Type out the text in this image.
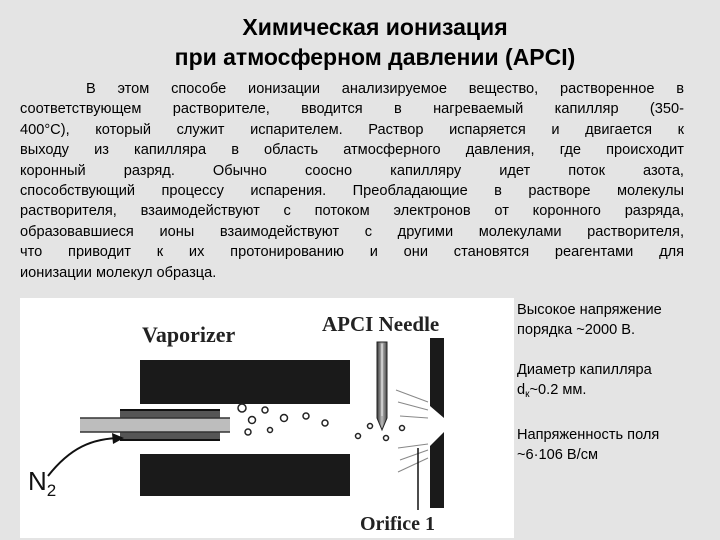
Химическая ионизация
при атмосферном давлении (APCI)
В этом способе ионизации анализируемое вещество, растворенное в
соответствующем растворителе, вводится в нагреваемый капилляр (350-
400°С), который служит испарителем. Раствор испаряется и двигается к
выходу из капилляра в область атмосферного давления, где происходит
коронный разряд. Обычно соосно капилляру идет поток азота,
способствующий процессу испарения. Преобладающие в растворе молекулы
растворителя, взаимодействуют с потоком электронов от коронного разряда,
образовавшиеся ионы взаимодействуют с другими молекулами растворителя,
что приводит к их протонированию и они становятся реагентами для
ионизации молекул образца.
Vaporizer	APCI Needle
$N_2$
Orifice 1
Высокое напряжение
порядка ~2000 В.
Диаметр капилляра
$d_к\sim 0.2$ мм.
Напряженность поля
~6·106 В/см
